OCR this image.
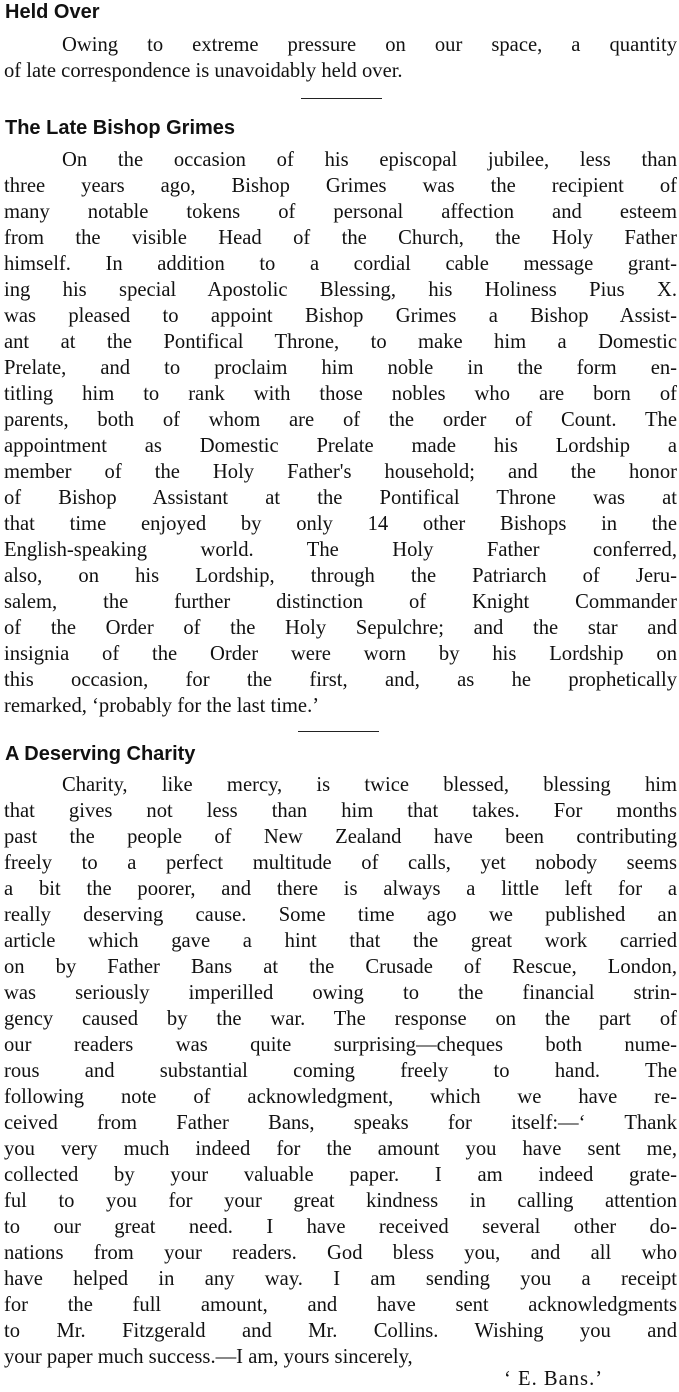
Held Over
Owing to extreme pressure on our space, a quantity
of late correspondence is unavoidably held over.
The Late Bishop Grimes
On the occasion of his episcopal jubilee, less than
three years ago, Bishop Grimes was the recipient of
many notable tokens of personal affection and esteem
from the visible Head of the Church, the Holy Father
himself. In addition to a cordial cable message grant-
ing his special Apostolic Blessing, his Holiness Pius X.
was pleased to appoint Bishop Grimes a Bishop Assist-
ant at the Pontifical Throne, to make him a Domestic
Prelate, and to proclaim him noble in the form en-
titling him to rank with those nobles who are born of
parents, both of whom are of the order of Count. The
appointment as Domestic Prelate made his Lordship a
member of the Holy Father's household; and the honor
of Bishop Assistant at the Pontifical Throne was at
that time enjoyed by only 14 other Bishops in the
English-speaking world. The Holy Father conferred,
also, on his Lordship, through the Patriarch of Jeru-
salem, the further distinction of Knight Commander
of the Order of the Holy Sepulchre; and the star and
insignia of the Order were worn by his Lordship on
this occasion, for the first, and, as he prophetically
remarked, ‘probably for the last time.’
A Deserving Charity
Charity, like mercy, is twice blessed, blessing him
that gives not less than him that takes. For months
past the people of New Zealand have been contributing
freely to a perfect multitude of calls, yet nobody seems
a bit the poorer, and there is always a little left for a
really deserving cause. Some time ago we published an
article which gave a hint that the great work carried
on by Father Bans at the Crusade of Rescue, London,
was seriously imperilled owing to the financial strin-
gency caused by the war. The response on the part of
our readers was quite surprising—cheques both nume-
rous and substantial coming freely to hand. The
following note of acknowledgment, which we have re-
ceived from Father Bans, speaks for itself:—‘ Thank
you very much indeed for the amount you have sent me,
collected by your valuable paper. I am indeed grate-
ful to you for your great kindness in calling attention
to our great need. I have received several other do-
nations from your readers. God bless you, and all who
have helped in any way. I am sending you a receipt
for the full amount, and have sent acknowledgments
to Mr. Fitzgerald and Mr. Collins. Wishing you and
your paper much success.—I am, yours sincerely,
‘ E. Bans.’
